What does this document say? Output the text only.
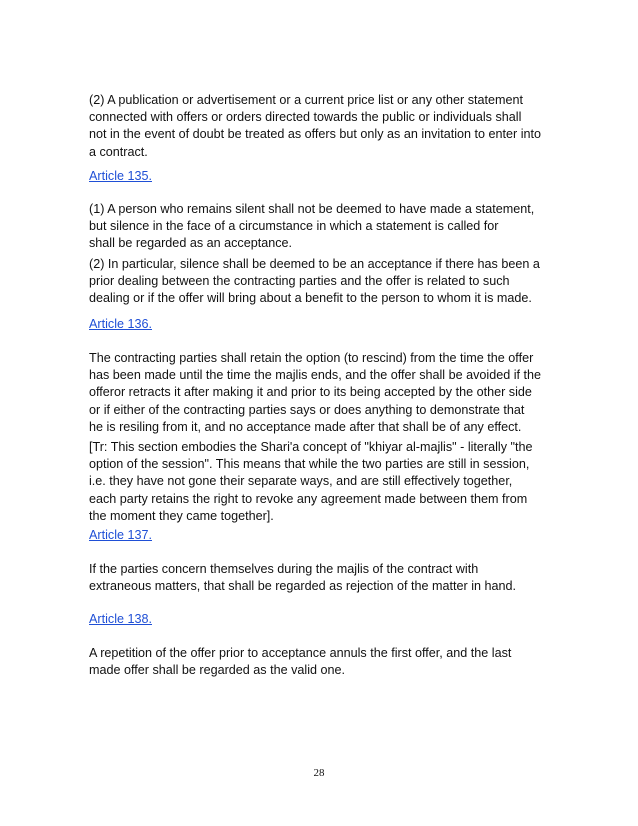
(2) A publication or advertisement or a current price list or any other statement
connected with offers or orders directed towards the public or individuals shall
not in the event of doubt be treated as offers but only as an invitation to enter into
a contract.

Article 135.

(1) A person who remains silent shall not be deemed to have made a statement,
but silence in the face of a circumstance in which a statement is called for
shall be regarded as an acceptance.

(2) In particular, silence shall be deemed to be an acceptance if there has been a
prior dealing between the contracting parties and the offer is related to such
dealing or if the offer will bring about a benefit to the person to whom it is made.

Article 136.

The contracting parties shall retain the option (to rescind) from the time the offer
has been made until the time the majlis ends, and the offer shall be avoided if the
offeror retracts it after making it and prior to its being accepted by the other side
or if either of the contracting parties says or does anything to demonstrate that
he is resiling from it, and no acceptance made after that shall be of any effect.

[Tr: This section embodies the Shari'a concept of "khiyar al-majlis" - literally "the
option of the session". This means that while the two parties are still in session,
i.e. they have not gone their separate ways, and are still effectively together,
each party retains the right to revoke any agreement made between them from
the moment they came together].

Article 137.

If the parties concern themselves during the majlis of the contract with
extraneous matters, that shall be regarded as rejection of the matter in hand.

Article 138.

A repetition of the offer prior to acceptance annuls the first offer, and the last
made offer shall be regarded as the valid one.

28
